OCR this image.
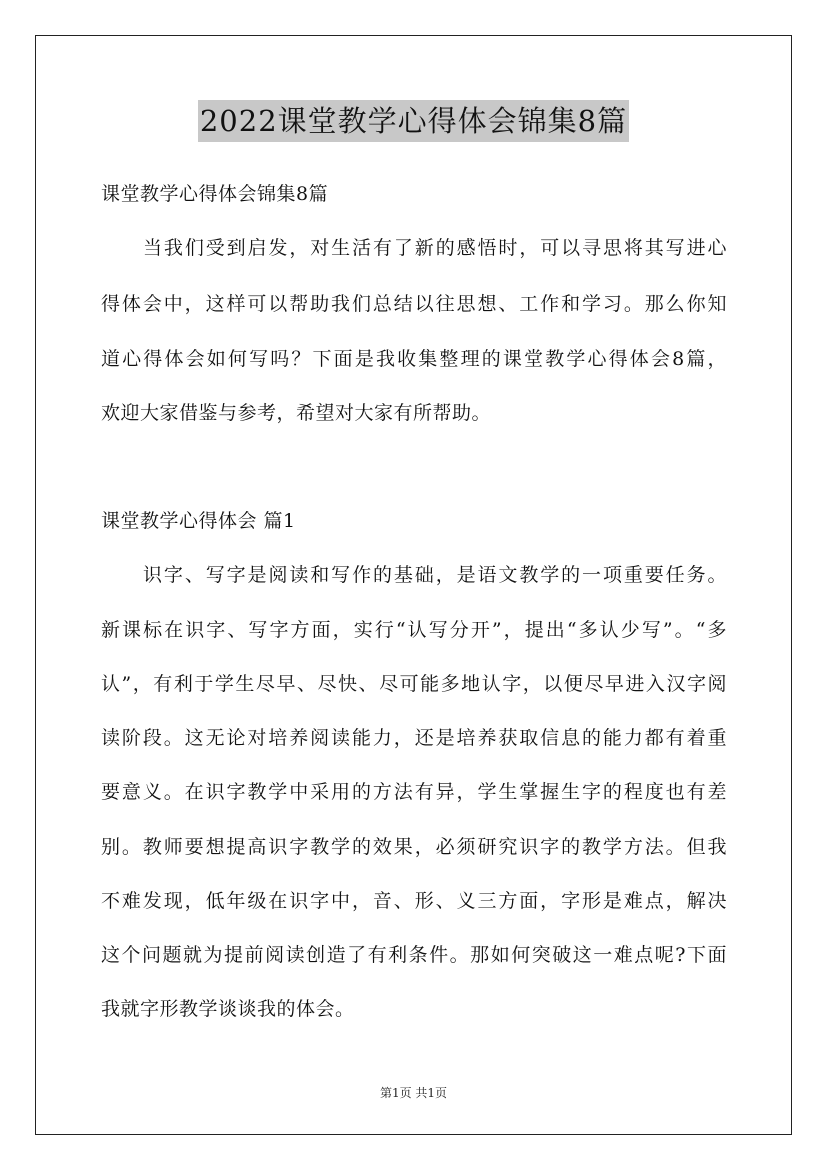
2022课堂教学心得体会锦集8篇
课堂教学心得体会锦集8篇
当我们受到启发，对生活有了新的感悟时，可以寻思将其写进心
得体会中，这样可以帮助我们总结以往思想、工作和学习。那么你知
道心得体会如何写吗？下面是我收集整理的课堂教学心得体会8篇，
欢迎大家借鉴与参考，希望对大家有所帮助。
课堂教学心得体会 篇1
识字、写字是阅读和写作的基础，是语文教学的一项重要任务。
新课标在识字、写字方面，实行“认写分开”，提出“多认少写”。“多
认”，有利于学生尽早、尽快、尽可能多地认字，以便尽早进入汉字阅
读阶段。这无论对培养阅读能力，还是培养获取信息的能力都有着重
要意义。在识字教学中采用的方法有异，学生掌握生字的程度也有差
别。教师要想提高识字教学的效果，必须研究识字的教学方法。但我
不难发现，低年级在识字中，音、形、义三方面，字形是难点，解决
这个问题就为提前阅读创造了有利条件。那如何突破这一难点呢?下面
我就字形教学谈谈我的体会。
第1页 共1页
